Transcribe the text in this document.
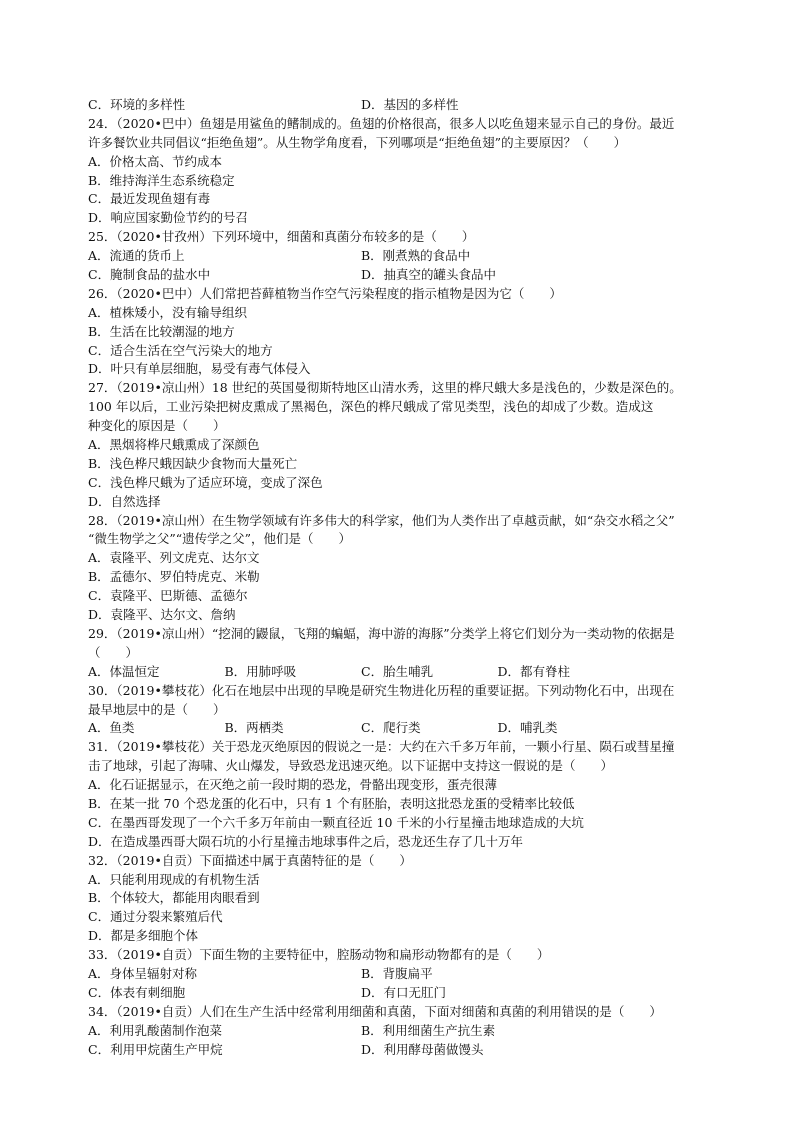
C．环境的多样性	D．基因的多样性
24．（2020•巴中）鱼翅是用鲨鱼的鳍制成的。鱼翅的价格很高，很多人以吃鱼翅来显示自己的身份。最近
许多餐饮业共同倡议“拒绝鱼翅”。从生物学角度看，下列哪项是“拒绝鱼翅”的主要原因？（　　）
A．价格太高、节约成本
B．维持海洋生态系统稳定
C．最近发现鱼翅有毒
D．响应国家勤俭节约的号召
25．（2020•甘孜州）下列环境中，细菌和真菌分布较多的是（　　）
A．流通的货币上	B．刚煮熟的食品中
C．腌制食品的盐水中	D．抽真空的罐头食品中
26．（2020•巴中）人们常把苔藓植物当作空气污染程度的指示植物是因为它（　　）
A．植株矮小，没有输导组织
B．生活在比较潮湿的地方
C．适合生活在空气污染大的地方
D．叶只有单层细胞，易受有毒气体侵入
27．（2019•凉山州）18 世纪的英国曼彻斯特地区山清水秀，这里的桦尺蛾大多是浅色的，少数是深色的。
100 年以后，工业污染把树皮熏成了黑褐色，深色的桦尺蛾成了常见类型，浅色的却成了少数。造成这
种变化的原因是（　　）
A．黑烟将桦尺蛾熏成了深颜色
B．浅色桦尺蛾因缺少食物而大量死亡
C．浅色桦尺蛾为了适应环境，变成了深色
D．自然选择
28．（2019•凉山州）在生物学领域有许多伟大的科学家，他们为人类作出了卓越贡献，如“杂交水稻之父”
“微生物学之父”“遗传学之父”，他们是（　　）
A．袁隆平、列文虎克、达尔文
B．孟德尔、罗伯特虎克、米勒
C．袁隆平、巴斯德、孟德尔
D．袁隆平、达尔文、詹纳
29．（2019•凉山州）“挖洞的鼹鼠，飞翔的蝙蝠，海中游的海豚”分类学上将它们划分为一类动物的依据是
（　　）
A．体温恒定	B．用肺呼吸	C．胎生哺乳	D．都有脊柱
30．（2019•攀枝花）化石在地层中出现的早晚是研究生物进化历程的重要证据。下列动物化石中，出现在
最早地层中的是（　　）
A．鱼类	B．两栖类	C．爬行类	D．哺乳类
31．（2019•攀枝花）关于恐龙灭绝原因的假说之一是：大约在六千多万年前，一颗小行星、陨石或彗星撞
击了地球，引起了海啸、火山爆发，导致恐龙迅速灭绝。以下证据中支持这一假说的是（　　）
A．化石证据显示，在灭绝之前一段时期的恐龙，骨骼出现变形，蛋壳很薄
B．在某一批 70 个恐龙蛋的化石中，只有 1 个有胚胎，表明这批恐龙蛋的受精率比较低
C．在墨西哥发现了一个六千多万年前由一颗直径近 10 千米的小行星撞击地球造成的大坑
D．在造成墨西哥大陨石坑的小行星撞击地球事件之后，恐龙还生存了几十万年
32．（2019•自贡）下面描述中属于真菌特征的是（　　）
A．只能利用现成的有机物生活
B．个体较大，都能用肉眼看到
C．通过分裂来繁殖后代
D．都是多细胞个体
33．（2019•自贡）下面生物的主要特征中，腔肠动物和扁形动物都有的是（　　）
A．身体呈辐射对称	B．背腹扁平
C．体表有刺细胞	D．有口无肛门
34．（2019•自贡）人们在生产生活中经常利用细菌和真菌，下面对细菌和真菌的利用错误的是（　　）
A．利用乳酸菌制作泡菜	B．利用细菌生产抗生素
C．利用甲烷菌生产甲烷	D．利用酵母菌做馒头
